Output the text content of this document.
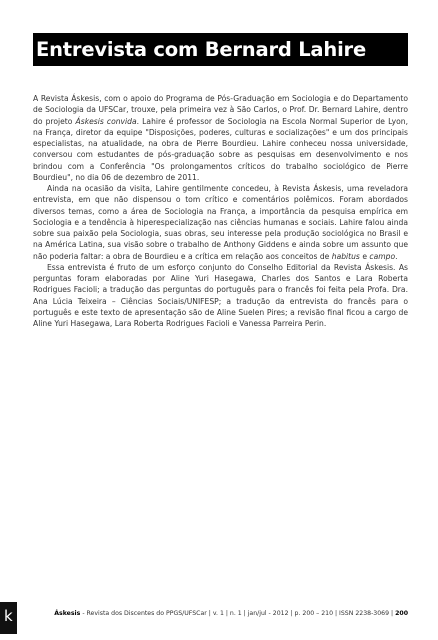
Entrevista com Bernard Lahire

A Revista Áskesis, com o apoio do Programa de Pós-Graduação em Sociologia e do Departamento de Sociologia da UFSCar, trouxe, pela primeira vez à São Carlos, o Prof. Dr. Bernard Lahire, dentro do projeto Áskesis convida. Lahire é professor de Sociologia na Escola Normal Superior de Lyon, na França, diretor da equipe "Disposições, poderes, culturas e socializações" e um dos principais especialistas, na atualidade, na obra de Pierre Bourdieu. Lahire conheceu nossa universidade, conversou com estudantes de pós-graduação sobre as pesquisas em desenvolvimento e nos brindou com a Conferência "Os prolongamentos críticos do trabalho sociológico de Pierre Bourdieu", no dia 06 de dezembro de 2011.

Ainda na ocasião da visita, Lahire gentilmente concedeu, à Revista Áskesis, uma reveladora entrevista, em que não dispensou o tom crítico e comentários polêmicos. Foram abordados diversos temas, como a área de Sociologia na França, a importância da pesquisa empírica em Sociologia e a tendência à hiperespecialização nas ciências humanas e sociais. Lahire falou ainda sobre sua paixão pela Sociologia, suas obras, seu interesse pela produção sociológica no Brasil e na América Latina, sua visão sobre o trabalho de Anthony Giddens e ainda sobre um assunto que não poderia faltar: a obra de Bourdieu e a crítica em relação aos conceitos de habitus e campo.

Essa entrevista é fruto de um esforço conjunto do Conselho Editorial da Revista Áskesis. As perguntas foram elaboradas por Aline Yuri Hasegawa, Charles dos Santos e Lara Roberta Rodrigues Facioli; a tradução das perguntas do português para o francês foi feita pela Profa. Dra. Ana Lúcia Teixeira – Ciências Sociais/UNIFESP; a tradução da entrevista do francês para o português e este texto de apresentação são de Aline Suelen Pires; a revisão final ficou a cargo de Aline Yuri Hasegawa, Lara Roberta Rodrigues Facioli e Vanessa Parreira Perin.

k	Áskesis - Revista dos Discentes do PPGS/UFSCar | v. 1 | n. 1 | jan/jul - 2012 | p. 200 – 210 | ISSN 2238-3069 | 200
